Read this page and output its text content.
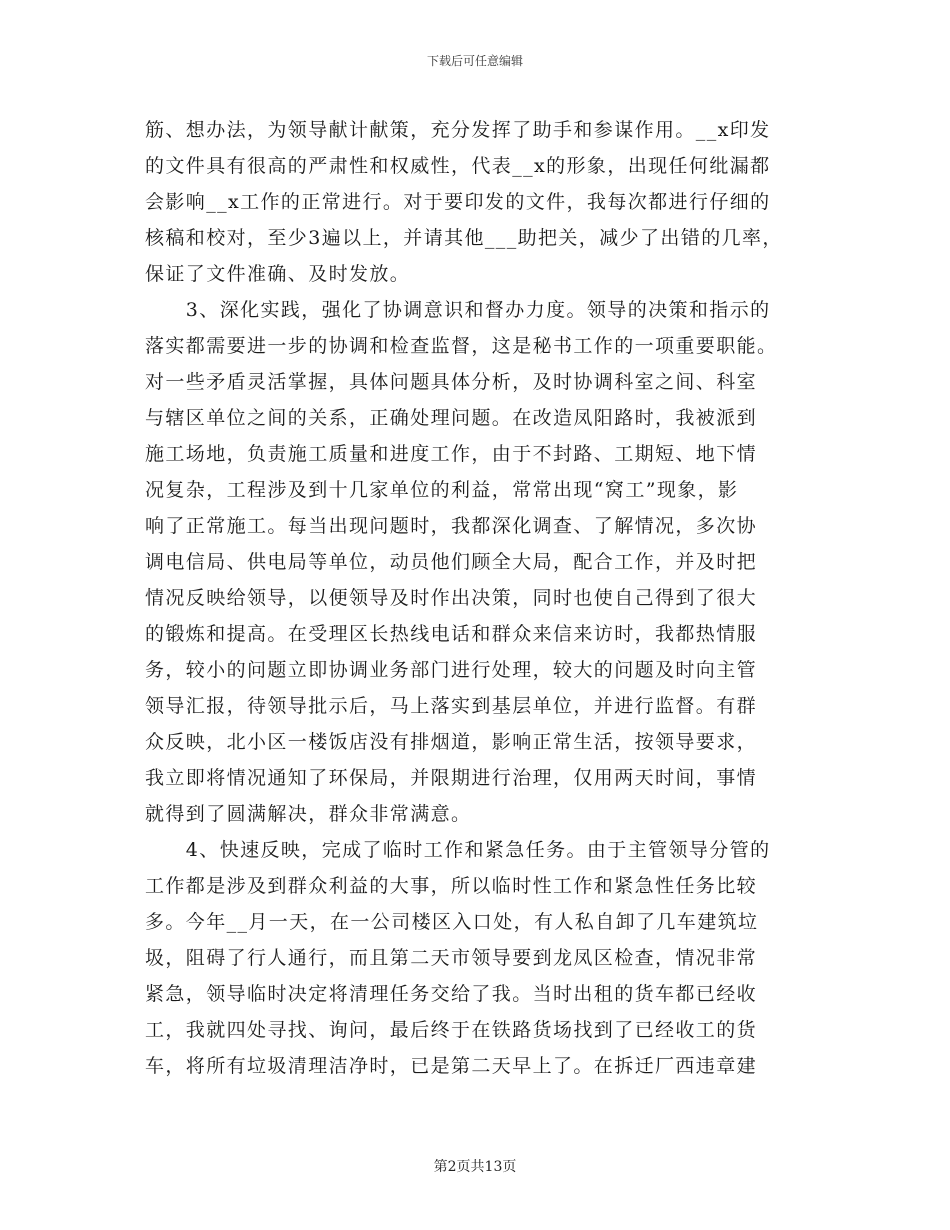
下载后可任意编辑
筋、想办法，为领导献计献策，充分发挥了助手和参谋作用。__x印发
的文件具有很高的严肃性和权威性，代表__x的形象，出现任何纰漏都
会影响__x工作的正常进行。对于要印发的文件，我每次都进行仔细的
核稿和校对，至少3遍以上，并请其他___助把关，减少了出错的几率，
保证了文件准确、及时发放。
　　3、深化实践，强化了协调意识和督办力度。领导的决策和指示的
落实都需要进一步的协调和检查监督，这是秘书工作的一项重要职能。
对一些矛盾灵活掌握，具体问题具体分析，及时协调科室之间、科室
与辖区单位之间的关系，正确处理问题。在改造凤阳路时，我被派到
施工场地，负责施工质量和进度工作，由于不封路、工期短、地下情
况复杂，工程涉及到十几家单位的利益，常常出现“窝工”现象，影
响了正常施工。每当出现问题时，我都深化调查、了解情况，多次协
调电信局、供电局等单位，动员他们顾全大局，配合工作，并及时把
情况反映给领导，以便领导及时作出决策，同时也使自己得到了很大
的锻炼和提高。在受理区长热线电话和群众来信来访时，我都热情服
务，较小的问题立即协调业务部门进行处理，较大的问题及时向主管
领导汇报，待领导批示后，马上落实到基层单位，并进行监督。有群
众反映，北小区一楼饭店没有排烟道，影响正常生活，按领导要求，
我立即将情况通知了环保局，并限期进行治理，仅用两天时间，事情
就得到了圆满解决，群众非常满意。
　　4、快速反映，完成了临时工作和紧急任务。由于主管领导分管的
工作都是涉及到群众利益的大事，所以临时性工作和紧急性任务比较
多。今年__月一天，在一公司楼区入口处，有人私自卸了几车建筑垃
圾，阻碍了行人通行，而且第二天市领导要到龙凤区检查，情况非常
紧急，领导临时决定将清理任务交给了我。当时出租的货车都已经收
工，我就四处寻找、询问，最后终于在铁路货场找到了已经收工的货
车，将所有垃圾清理洁净时，已是第二天早上了。在拆迁厂西违章建
第2页共13页
